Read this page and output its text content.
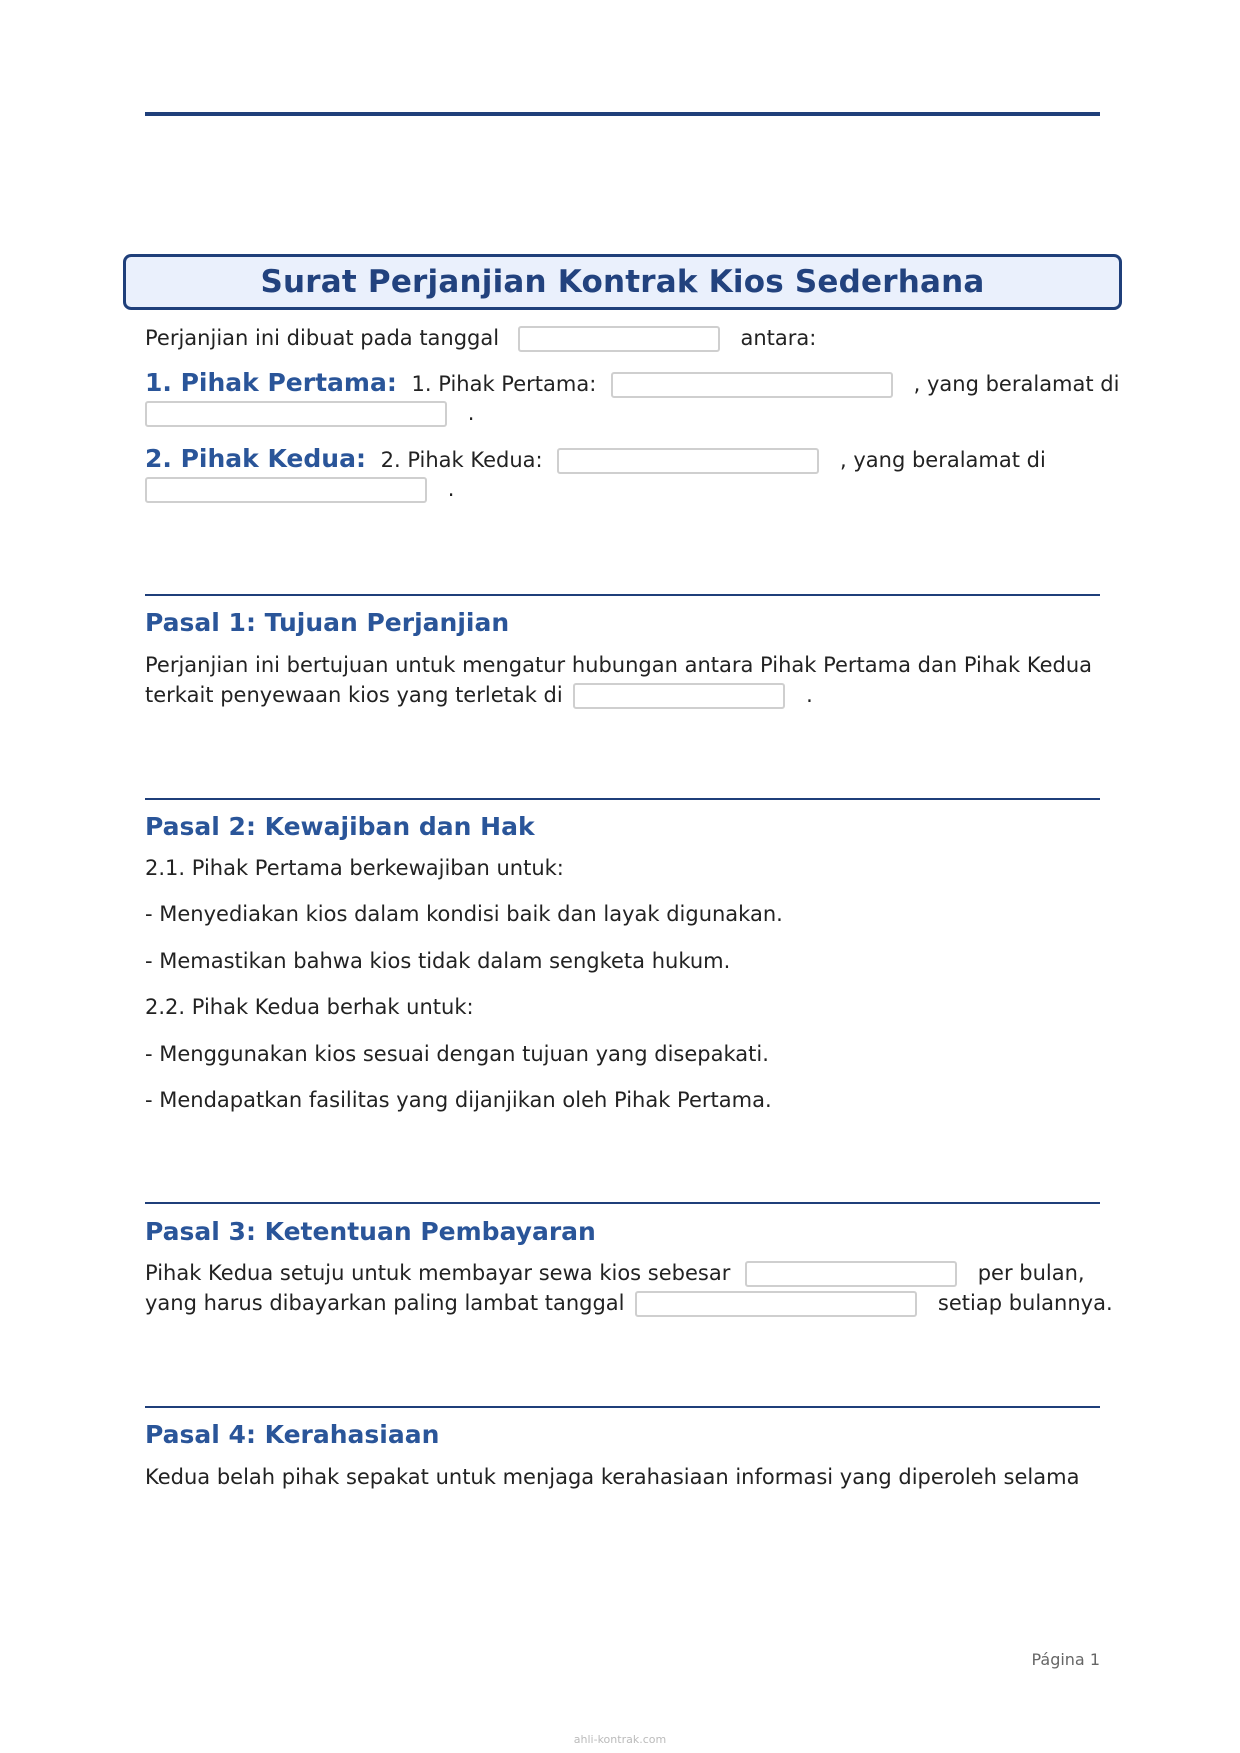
Surat Perjanjian Kontrak Kios Sederhana
Perjanjian ini dibuat pada tanggal	antara:
1. Pihak Pertama: 1. Pihak Pertama:	, yang beralamat di
.
2. Pihak Kedua: 2. Pihak Kedua:	, yang beralamat di
.
Pasal 1: Tujuan Perjanjian
Perjanjian ini bertujuan untuk mengatur hubungan antara Pihak Pertama dan Pihak Kedua
terkait penyewaan kios yang terletak di	.
Pasal 2: Kewajiban dan Hak
2.1. Pihak Pertama berkewajiban untuk:
- Menyediakan kios dalam kondisi baik dan layak digunakan.
- Memastikan bahwa kios tidak dalam sengketa hukum.
2.2. Pihak Kedua berhak untuk:
- Menggunakan kios sesuai dengan tujuan yang disepakati.
- Mendapatkan fasilitas yang dijanjikan oleh Pihak Pertama.
Pasal 3: Ketentuan Pembayaran
Pihak Kedua setuju untuk membayar sewa kios sebesar	per bulan,
yang harus dibayarkan paling lambat tanggal	setiap bulannya.
Pasal 4: Kerahasiaan
Kedua belah pihak sepakat untuk menjaga kerahasiaan informasi yang diperoleh selama
Página 1
ahli-kontrak.com
